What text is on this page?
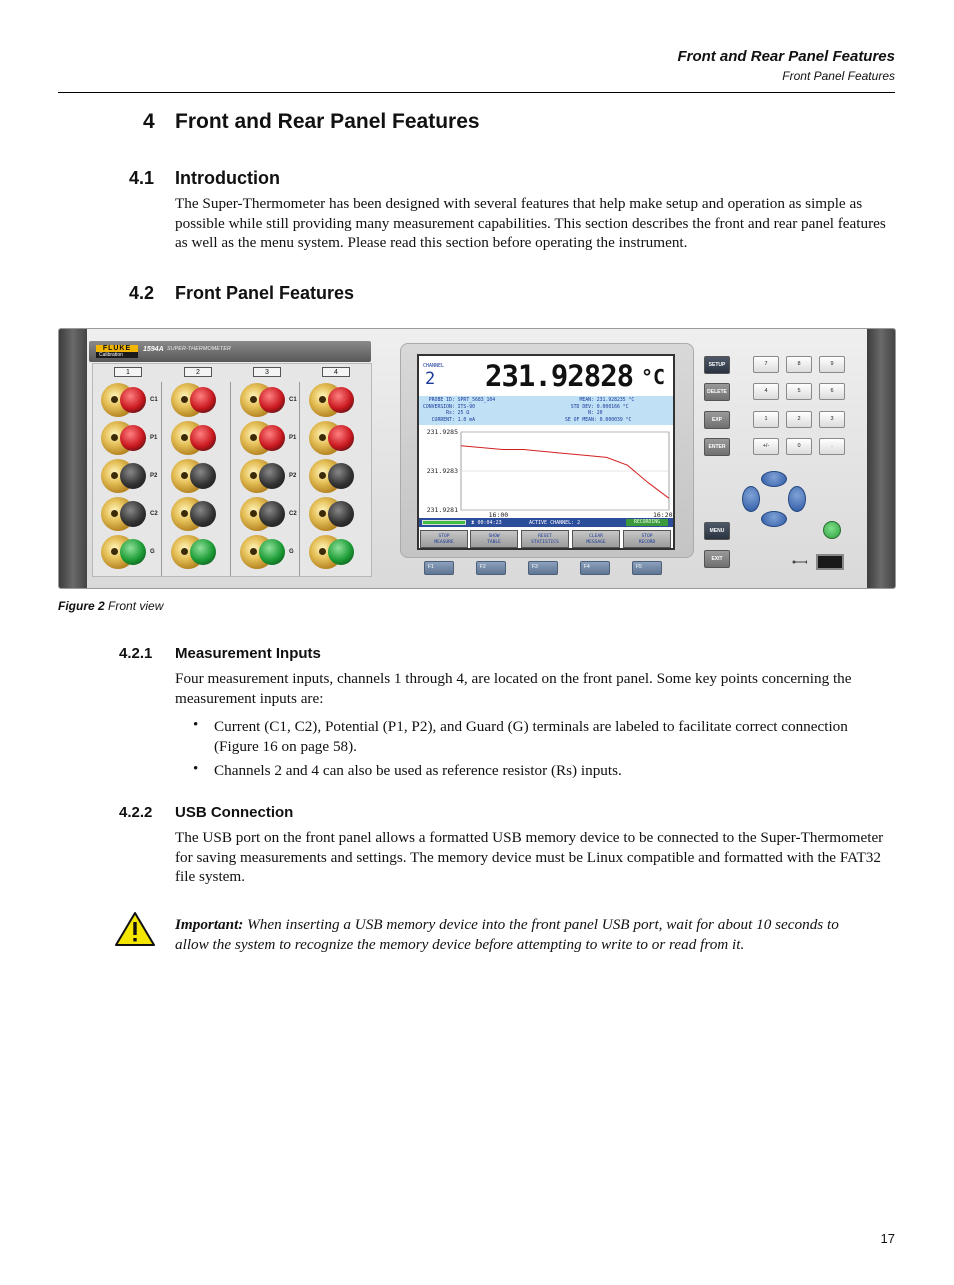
Front and Rear Panel Features
Front Panel Features
4 Front and Rear Panel Features
4.1 Introduction
The Super-Thermometer has been designed with several features that help make setup and operation as simple as possible while still providing many measurement capabilities. This section describes the front and rear panel features as well as the menu system. Please read this section before operating the instrument.
4.2 Front Panel Features
FLUKE
Calibration
1594A SUPER-THERMOMETER
1
C1
P1
P2
C2
G
2	3
C1
P1
P2
C2
G
4
CHANNEL
2 231.92828 °C
PROBE ID: SPRT_5683_104
CONVERSION: ITS-90
Rs: 25 Ω
CURRENT: 1.0 mA
MEAN: 231.928235 °C
STD DEV: 0.000166 °C
N: 20
SE OF MEAN: 0.000039 °C
231.9285
231.9283
231.9281
16:00	16:20
⧗ 00:04:23	ACTIVE CHANNEL: 2	RECORDING
STOP
MEASURE
SHOW
TABLE
RESET
STATISTICS
CLEAR
MESSAGE
STOP
RECORD
F1	F2	F3	F4	F5
SETUP
DELETE
EXP
ENTER
MENU
EXIT
7	8	9
4	5	6
1	2	3
+/-	0	.
Figure 2 Front view
4.2.1 Measurement Inputs
Four measurement inputs, channels 1 through 4, are located on the front panel. Some key points concerning the measurement inputs are:
• Current (C1, C2), Potential (P1, P2), and Guard (G) terminals are labeled to facilitate correct connection (Figure 16 on page 58).
• Channels 2 and 4 can also be used as reference resistor (Rs) inputs.
4.2.2 USB Connection
The USB port on the front panel allows a formatted USB memory device to be connected to the Super-Thermometer for saving measurements and settings. The memory device must be Linux compatible and formatted with the FAT32 file system.
Important: When inserting a USB memory device into the front panel USB port, wait for about 10 seconds to allow the system to recognize the memory device before attempting to write to or read from it.
17
